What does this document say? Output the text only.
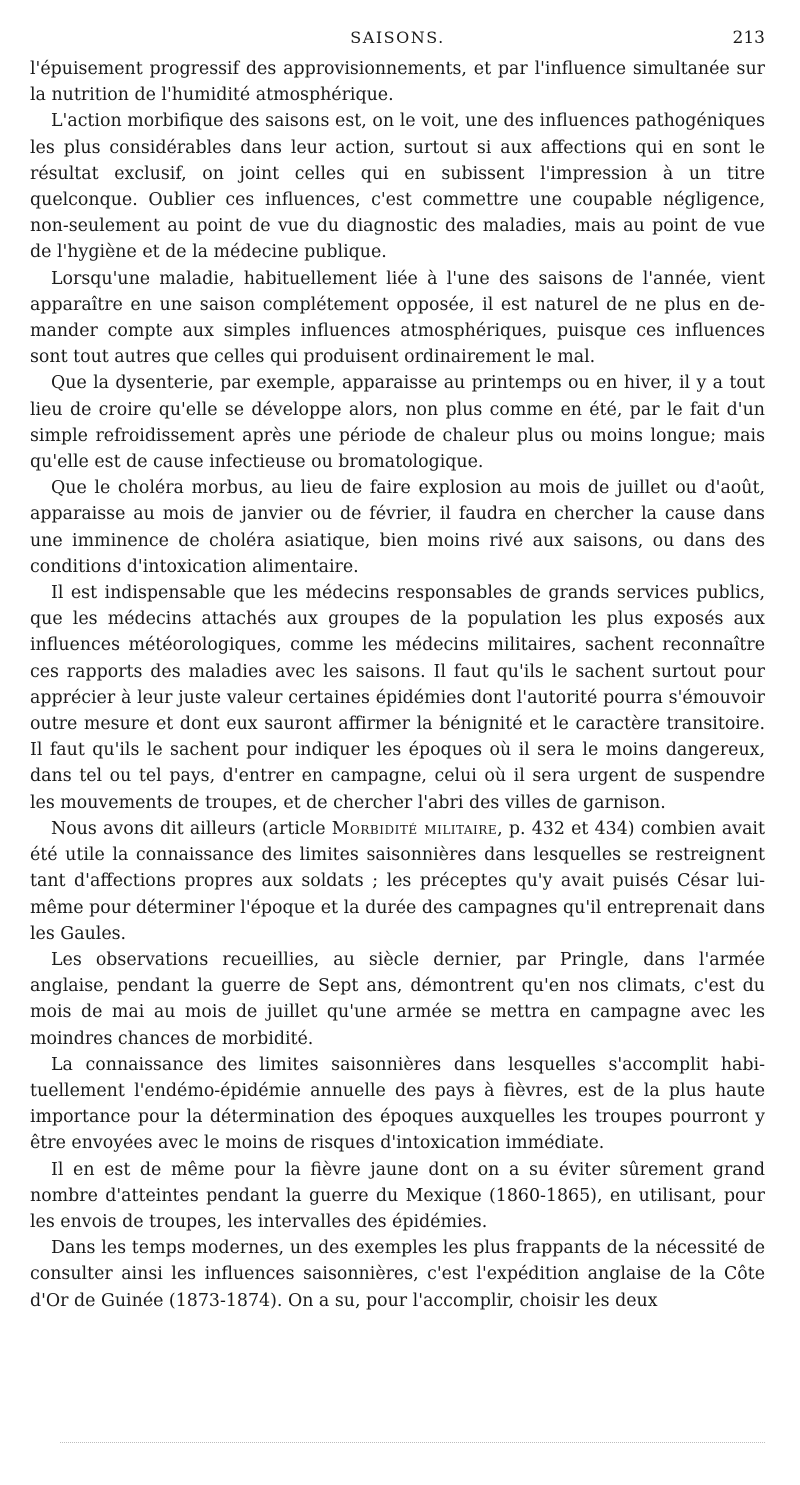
SAISONS.	213

l'épuisement progressif des approvisionnements, et par l'influence simultanée sur la nutrition de l'humidité atmosphérique.

L'action morbifique des saisons est, on le voit, une des influences pathogéniques les plus considérables dans leur action, surtout si aux affections qui en sont le résultat exclusif, on joint celles qui en subissent l'impression à un titre quelconque. Oublier ces influences, c'est commettre une coupable négligence, non-seulement au point de vue du diagnostic des maladies, mais au point de vue de l'hygiène et de la médecine publique.

Lorsqu'une maladie, habituellement liée à l'une des saisons de l'année, vient apparaître en une saison complétement opposée, il est naturel de ne plus en demander compte aux simples influences atmosphériques, puisque ces influences sont tout autres que celles qui produisent ordinairement le mal.

Que la dysenterie, par exemple, apparaisse au printemps ou en hiver, il y a tout lieu de croire qu'elle se développe alors, non plus comme en été, par le fait d'un simple refroidissement après une période de chaleur plus ou moins longue; mais qu'elle est de cause infectieuse ou bromatologique.

Que le choléra morbus, au lieu de faire explosion au mois de juillet ou d'août, apparaisse au mois de janvier ou de février, il faudra en chercher la cause dans une imminence de choléra asiatique, bien moins rivé aux saisons, ou dans des conditions d'intoxication alimentaire.

Il est indispensable que les médecins responsables de grands services publics, que les médecins attachés aux groupes de la population les plus exposés aux influences météorologiques, comme les médecins militaires, sachent reconnaître ces rapports des maladies avec les saisons. Il faut qu'ils le sachent surtout pour apprécier à leur juste valeur certaines épidémies dont l'autorité pourra s'émouvoir outre mesure et dont eux sauront affirmer la bénignité et le caractère transitoire. Il faut qu'ils le sachent pour indiquer les époques où il sera le moins dangereux, dans tel ou tel pays, d'entrer en campagne, celui où il sera urgent de suspendre les mouvements de troupes, et de chercher l'abri des villes de garnison.

Nous avons dit ailleurs (article Morbidité militaire, p. 432 et 434) combien avait été utile la connaissance des limites saisonnières dans lesquelles se restreignent tant d'affections propres aux soldats ; les préceptes qu'y avait puisés César lui-même pour déterminer l'époque et la durée des campagnes qu'il entreprenait dans les Gaules.

Les observations recueillies, au siècle dernier, par Pringle, dans l'armée anglaise, pendant la guerre de Sept ans, démontrent qu'en nos climats, c'est du mois de mai au mois de juillet qu'une armée se mettra en campagne avec les moindres chances de morbidité.

La connaissance des limites saisonnières dans lesquelles s'accomplit habituellement l'endémo-épidémie annuelle des pays à fièvres, est de la plus haute importance pour la détermination des époques auxquelles les troupes pourront y être envoyées avec le moins de risques d'intoxication immédiate.

Il en est de même pour la fièvre jaune dont on a su éviter sûrement grand nombre d'atteintes pendant la guerre du Mexique (1860-1865), en utilisant, pour les envois de troupes, les intervalles des épidémies.

Dans les temps modernes, un des exemples les plus frappants de la nécessité de consulter ainsi les influences saisonnières, c'est l'expédition anglaise de la Côte d'Or de Guinée (1873-1874). On a su, pour l'accomplir, choisir les deux
